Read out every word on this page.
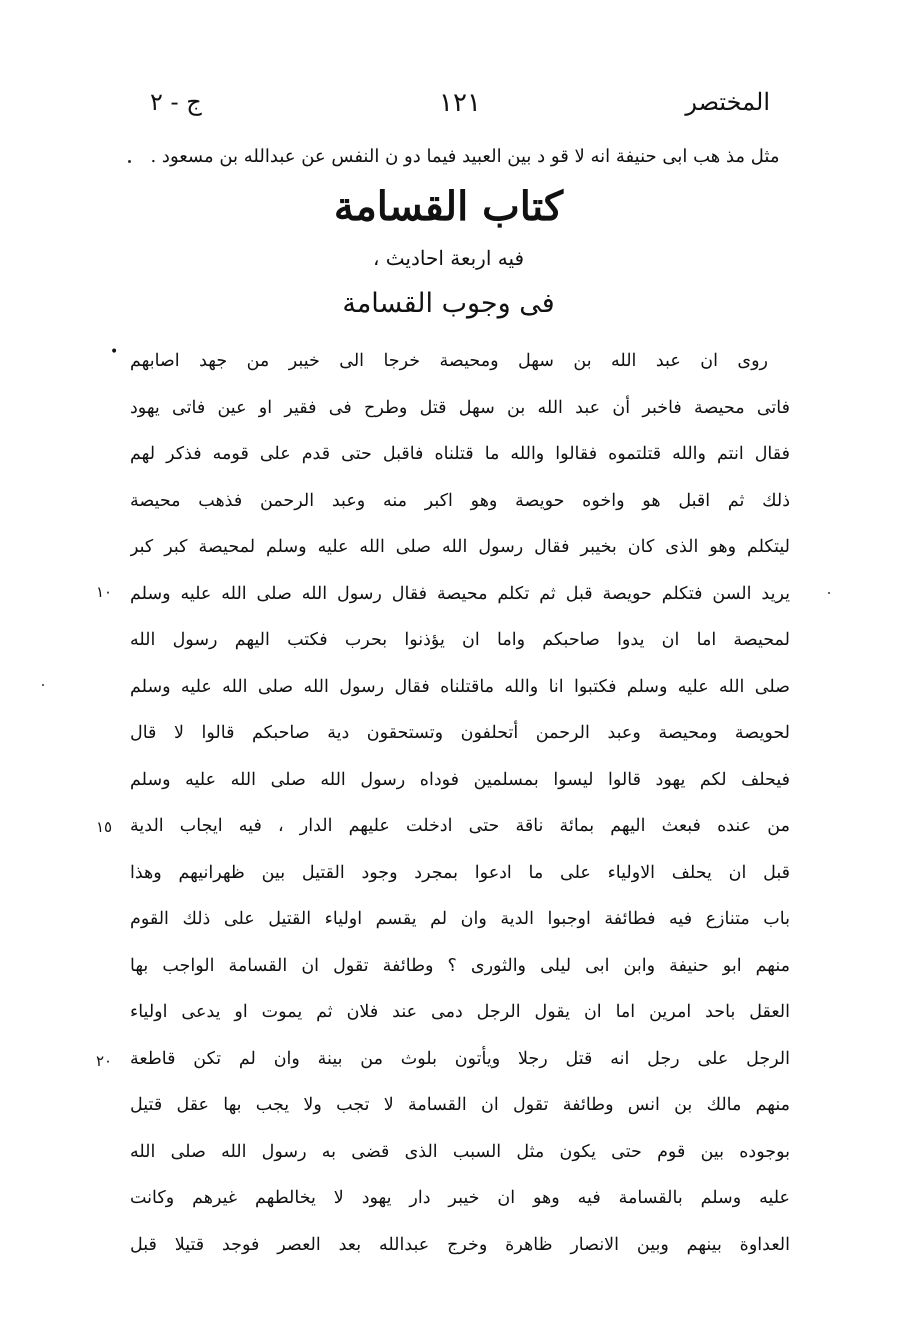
المختصر
١٢١
ج - ٢
مثل مذ هب ابى حنيفة انه لا قو د بين العبيد فيما دو ن النفس عن عبدالله بن مسعود .
كتاب القسامة
فيه اربعة احاديث ،
فى وجوب القسامة
• روى ان عبد الله بن سهل ومحيصة خرجا الى خيبر من جهد اصابهم
فاتى محيصة فاخبر أن عبد الله بن سهل قتل وطرح فى فقير او عين فاتى يهود
فقال انتم والله قتلتموه فقالوا والله ما قتلناه فاقبل حتى قدم على قومه فذكر لهم
ذلك ثم اقبل هو واخوه حويصة وهو اكبر منه وعبد الرحمن فذهب محيصة
ليتكلم وهو الذى كان بخيبر فقال رسول الله صلى الله عليه وسلم لمحيصة كبر كبر
يريد السن فتكلم حويصة قبل ثم تكلم محيصة فقال رسول الله صلى الله عليه وسلم
لمحيصة اما ان يدوا صاحبكم واما ان يؤذنوا بحرب فكتب اليهم رسول الله
صلى الله عليه وسلم فكتبوا انا والله ماقتلناه فقال رسول الله صلى الله عليه وسلم
لحويصة ومحيصة وعبد الرحمن أتحلفون وتستحقون دية صاحبكم قالوا لا قال
فيحلف لكم يهود قالوا ليسوا بمسلمين فوداه رسول الله صلى الله عليه وسلم
من عنده فبعث اليهم بمائة ناقة حتى ادخلت عليهم الدار ، فيه ايجاب الدية
قبل ان يحلف الاولياء على ما ادعوا بمجرد وجود القتيل بين ظهرانيهم وهذا
باب متنازع فيه فطائفة اوجبوا الدية وان لم يقسم اولياء القتيل على ذلك القوم
منهم ابو حنيفة وابن ابى ليلى والثورى ؟ وطائفة تقول ان القسامة الواجب بها
العقل باحد امرين اما ان يقول الرجل دمى عند فلان ثم يموت او يدعى اولياء
الرجل على رجل انه قتل رجلا ويأتون بلوث من بينة وان لم تكن قاطعة
منهم مالك بن انس وطائفة تقول ان القسامة لا تجب ولا يجب بها عقل قتيل
بوجوده بين قوم حتى يكون مثل السبب الذى قضى به رسول الله صلى الله
عليه وسلم بالقسامة فيه وهو ان خيبر دار يهود لا يخالطهم غيرهم وكانت
العداوة بينهم وبين الانصار ظاهرة وخرج عبدالله بعد العصر فوجد قتيلا قبل
١٠
١٥
٢٠
